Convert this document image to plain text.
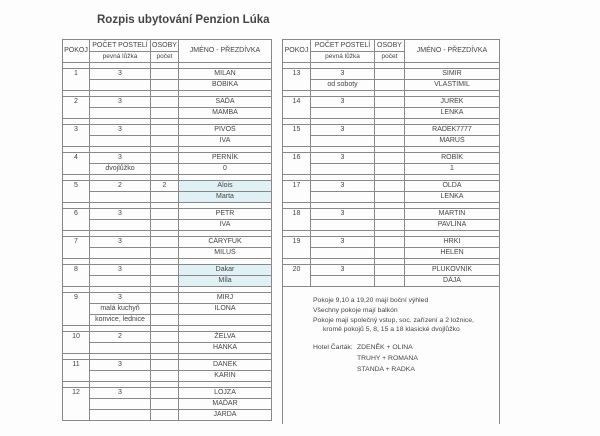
Rozpis ubytování Penzion Lúka
POKOJ	POČET POSTELÍ	OSOBY	JMÉNO - PŘEZDÍVKA
	pevná lůžka	počet	

1	3		MILAN
			BOBIKA

2	3		SAĎA
			MAMBA

3	3		PIVOŠ
			IVA

4	3		PERNÍK
	dvojlůžko		0

5	2	2	Alois
			Marta

6	3		PETR
			IVA

7	3		ČÁRYFUK
			MILUŠ

8	3		Dakar
			Míla

9	3		MIRJ
	malá kuchyň		ILONA
	konvice, lednice		

10	2		ŽELVA
			HANKA

11	3		DANEK
			KARIN

12	3		LOJZA
			MAĎAR
			JARDA
POKOJ	POČET POSTELÍ	OSOBY	JMÉNO - PŘEZDÍVKA
	pevná lůžka	počet	

13	3		SIMIR
	od soboty		VLASTIMIL

14	3		JUREK
			LENKA

15	3		RADEK7777
			MARUŠ

16	3		ROBÍK
			1

17	3		OLDA
			LENKA

18	3		MARTIN
			PAVLÍNA

19	3		HRKI
			HELEN

20	3		PLUKOVNÍK
			DÁJA
Pokoje 9,10 a 19,20 mají boční výhled
Všechny pokoje mají balkón
Pokoje mají společný vstup, soc. zařízení a 2 ložnice,
kromě pokojů 5, 8, 15 a 18 klasické dvojlůžko
Hotel Čarták: ZDENĚK + OLINA
TRUHY + ROMANA
STANDA + RADKA
